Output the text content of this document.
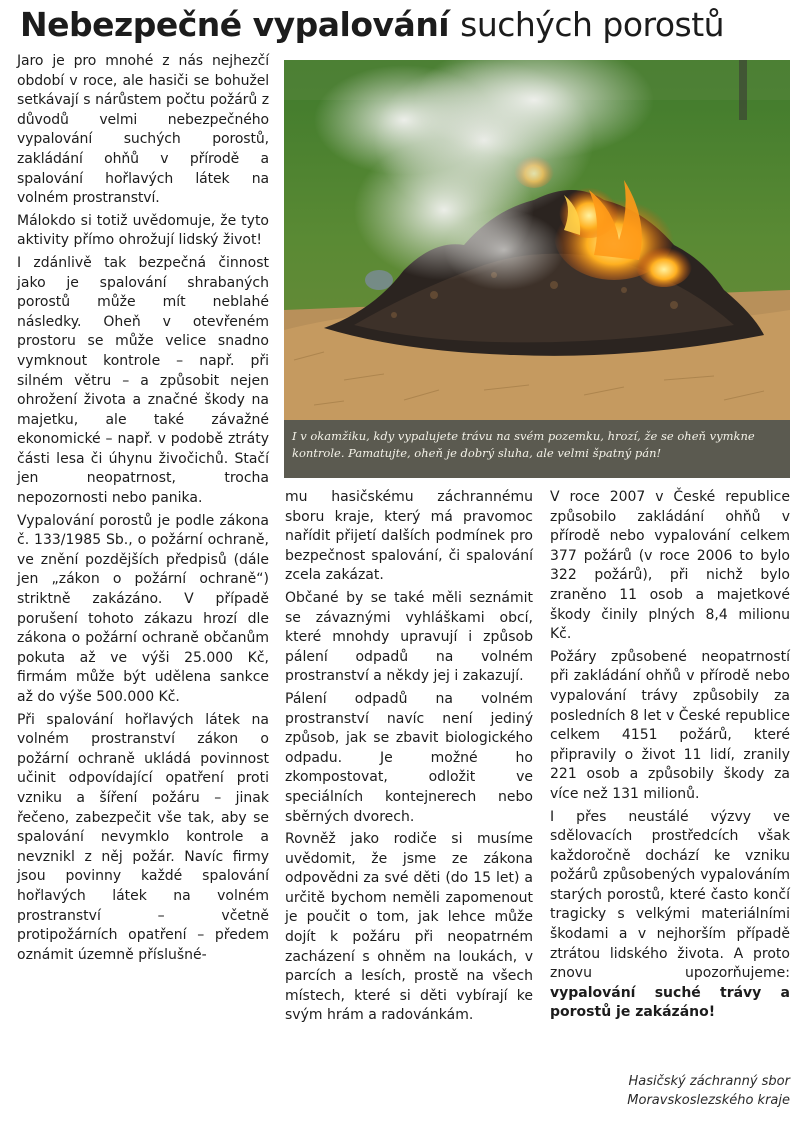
Nebezpečné vypalování suchých porostů

Jaro je pro mnohé z nás nejhezčí období v roce, ale hasiči se bohužel setkávají s nárůstem počtu požárů z důvodů velmi nebezpečného vypalování suchých porostů, zakládání ohňů v přírodě a spalování hořlavých látek na volném prostranství.

Málokdo si totiž uvědomuje, že tyto aktivity přímo ohrožují lidský život!

I zdánlivě tak bezpečná činnost jako je spalování shrabaných porostů může mít neblahé následky. Oheň v otevřeném prostoru se může velice snadno vymknout kontrole – např. při silném větru – a způsobit nejen ohrožení života a značné škody na majetku, ale také závažné ekonomické – např. v podobě ztráty části lesa či úhynu živočichů. Stačí jen neopatrnost, trocha nepozornosti nebo panika.

Vypalování porostů je podle zákona č. 133/1985 Sb., o požární ochraně, ve znění pozdějších předpisů (dále jen „zákon o požární ochraně“) striktně zakázáno. V případě porušení tohoto zákazu hrozí dle zákona o požární ochraně občanům pokuta až ve výši 25.000 Kč, firmám může být udělena sankce až do výše 500.000 Kč.

Při spalování hořlavých látek na volném prostranství zákon o požární ochraně ukládá povinnost učinit odpovídající opatření proti vzniku a šíření požáru – jinak řečeno, zabezpečit vše tak, aby se spalování nevymklo kontrole a nevznikl z něj požár. Navíc firmy jsou povinny každé spalování hořlavých látek na volném prostranství – včetně protipožárních opatření – předem oznámit územně příslušné-

I v okamžiku, kdy vypalujete trávu na svém pozemku, hrozí, že se oheň vymkne kontrole. Pamatujte, oheň je dobrý sluha, ale velmi špatný pán!

mu hasičskému záchrannému sboru kraje, který má pravomoc nařídit přijetí dalších podmínek pro bezpečnost spalování, či spalování zcela zakázat.

Občané by se také měli seznámit se závaznými vyhláškami obcí, které mnohdy upravují i způsob pálení odpadů na volném prostranství a někdy jej i zakazují.

Pálení odpadů na volném prostranství navíc není jediný způsob, jak se zbavit biologického odpadu. Je možné ho zkompostovat, odložit ve speciálních kontejnerech nebo sběrných dvorech.

Rovněž jako rodiče si musíme uvědomit, že jsme ze zákona odpovědni za své děti (do 15 let) a určitě bychom neměli zapomenout je poučit o tom, jak lehce může dojít k požáru při neopatrném zacházení s ohněm na loukách, v parcích a lesích, prostě na všech místech, které si děti vybírají ke svým hrám a radovánkám.

V roce 2007 v České republice způsobilo zakládání ohňů v přírodě nebo vypalování celkem 377 požárů (v roce 2006 to bylo 322 požárů), při nichž bylo zraněno 11 osob a majetkové škody činily plných 8,4 milionu Kč.

Požáry způsobené neopatrností při zakládání ohňů v přírodě nebo vypalování trávy způsobily za posledních 8 let v České republice celkem 4151 požárů, které připravily o život 11 lidí, zranily 221 osob a způsobily škody za více než 131 milionů.

I přes neustálé výzvy ve sdělovacích prostředcích však každoročně dochází ke vzniku požárů způsobených vypalováním starých porostů, které často končí tragicky s velkými materiálními škodami a v nejhorším případě ztrátou lidského života. A proto znovu upozorňujeme: vypalování suché trávy a porostů je zakázáno!

Hasičský záchranný sbor
Moravskoslezského kraje
